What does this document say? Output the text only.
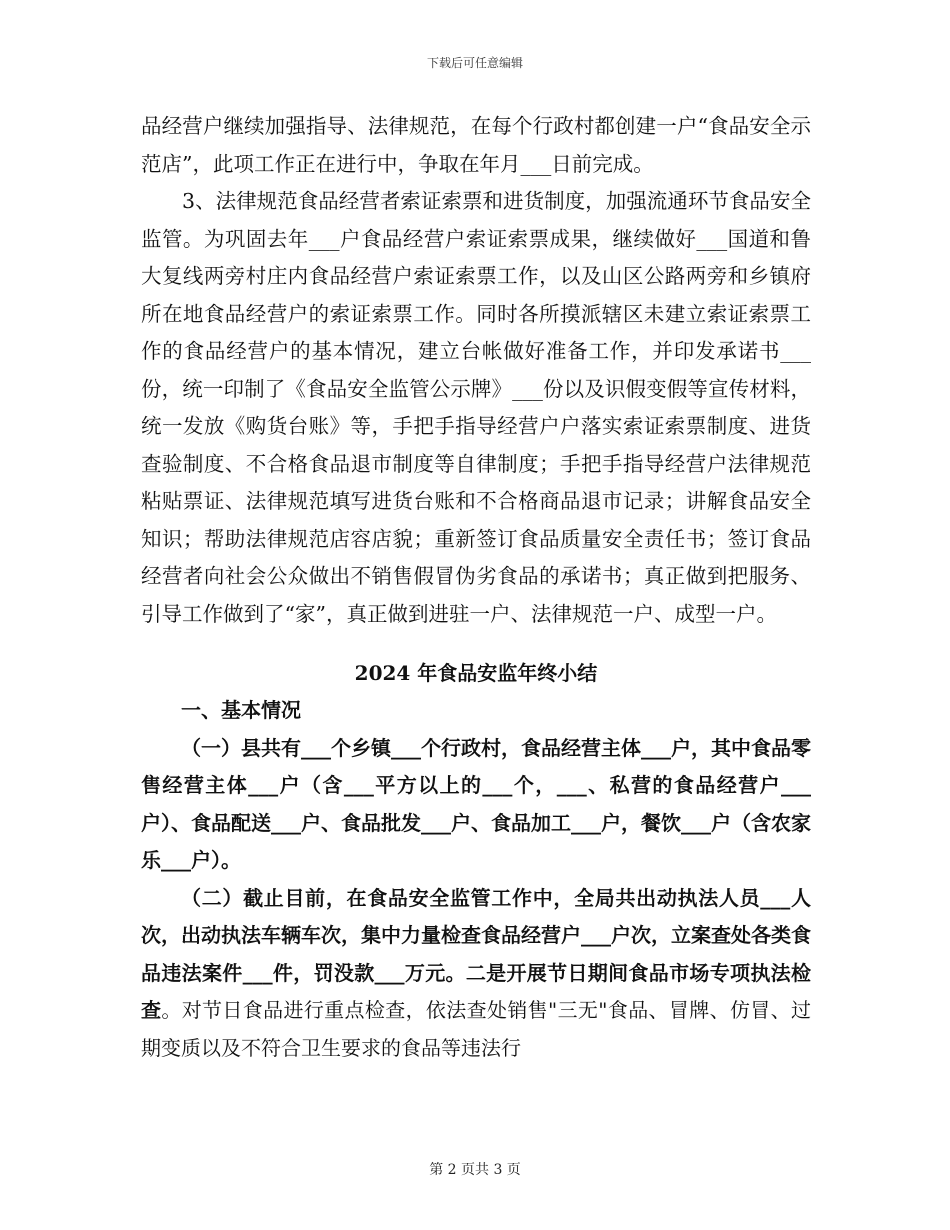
下载后可任意编辑

品经营户继续加强指导、法律规范，在每个行政村都创建一户“食品安全示范店”，此项工作正在进行中，争取在年月___日前完成。

3、法律规范食品经营者索证索票和进货制度，加强流通环节食品安全监管。为巩固去年___户食品经营户索证索票成果，继续做好___国道和鲁大复线两旁村庄内食品经营户索证索票工作，以及山区公路两旁和乡镇府所在地食品经营户的索证索票工作。同时各所摸派辖区未建立索证索票工作的食品经营户的基本情况，建立台帐做好准备工作，并印发承诺书___份，统一印制了《食品安全监管公示牌》___份以及识假变假等宣传材料，统一发放《购货台账》等，手把手指导经营户户落实索证索票制度、进货查验制度、不合格食品退市制度等自律制度；手把手指导经营户法律规范粘贴票证、法律规范填写进货台账和不合格商品退市记录；讲解食品安全知识；帮助法律规范店容店貌；重新签订食品质量安全责任书；签订食品经营者向社会公众做出不销售假冒伪劣食品的承诺书；真正做到把服务、引导工作做到了“家”，真正做到进驻一户、法律规范一户、成型一户。

2024 年食品安监年终小结

一、基本情况

（一）县共有___个乡镇___个行政村，食品经营主体___户，其中食品零售经营主体___户（含___平方以上的___个，___、私营的食品经营户___户）、食品配送___户、食品批发___户、食品加工___户，餐饮___户（含农家乐___户）。

（二）截止目前，在食品安全监管工作中，全局共出动执法人员___人次，出动执法车辆车次，集中力量检查食品经营户___户次，立案查处各类食品违法案件___件，罚没款___万元。二是开展节日期间食品市场专项执法检查。对节日食品进行重点检查，依法查处销售"三无"食品、冒牌、仿冒、过期变质以及不符合卫生要求的食品等违法行

第 2 页共 3 页
